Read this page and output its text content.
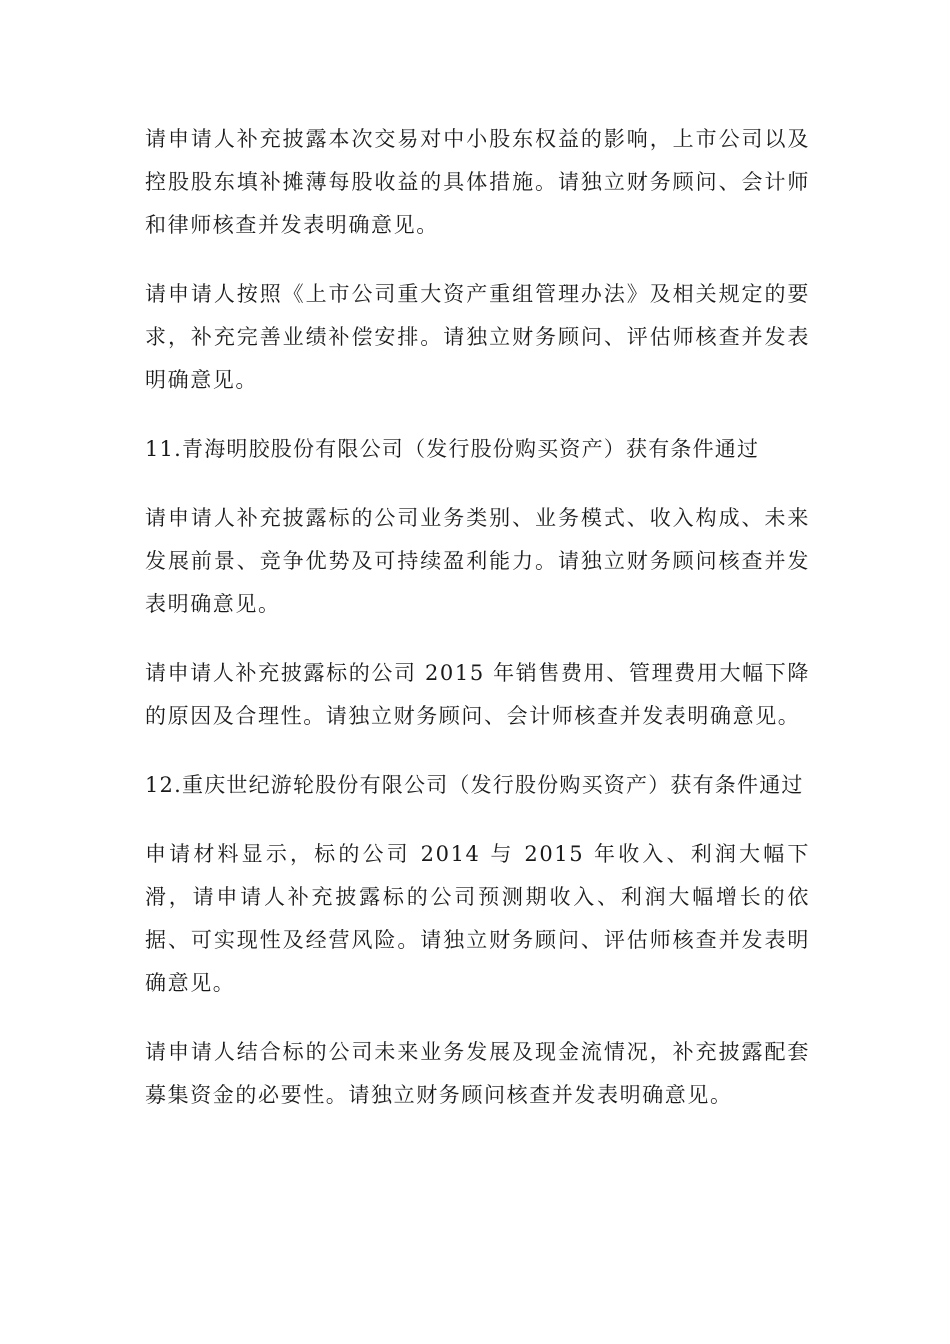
请申请人补充披露本次交易对中小股东权益的影响，上市公司以及控股股东填补摊薄每股收益的具体措施。请独立财务顾问、会计师和律师核查并发表明确意见。

请申请人按照《上市公司重大资产重组管理办法》及相关规定的要求，补充完善业绩补偿安排。请独立财务顾问、评估师核查并发表明确意见。

11.青海明胶股份有限公司（发行股份购买资产）获有条件通过

请申请人补充披露标的公司业务类别、业务模式、收入构成、未来发展前景、竞争优势及可持续盈利能力。请独立财务顾问核查并发表明确意见。

请申请人补充披露标的公司 2015 年销售费用、管理费用大幅下降的原因及合理性。请独立财务顾问、会计师核查并发表明确意见。

12.重庆世纪游轮股份有限公司（发行股份购买资产）获有条件通过

申请材料显示，标的公司 2014 与 2015 年收入、利润大幅下滑，请申请人补充披露标的公司预测期收入、利润大幅增长的依据、可实现性及经营风险。请独立财务顾问、评估师核查并发表明确意见。

请申请人结合标的公司未来业务发展及现金流情况，补充披露配套募集资金的必要性。请独立财务顾问核查并发表明确意见。
